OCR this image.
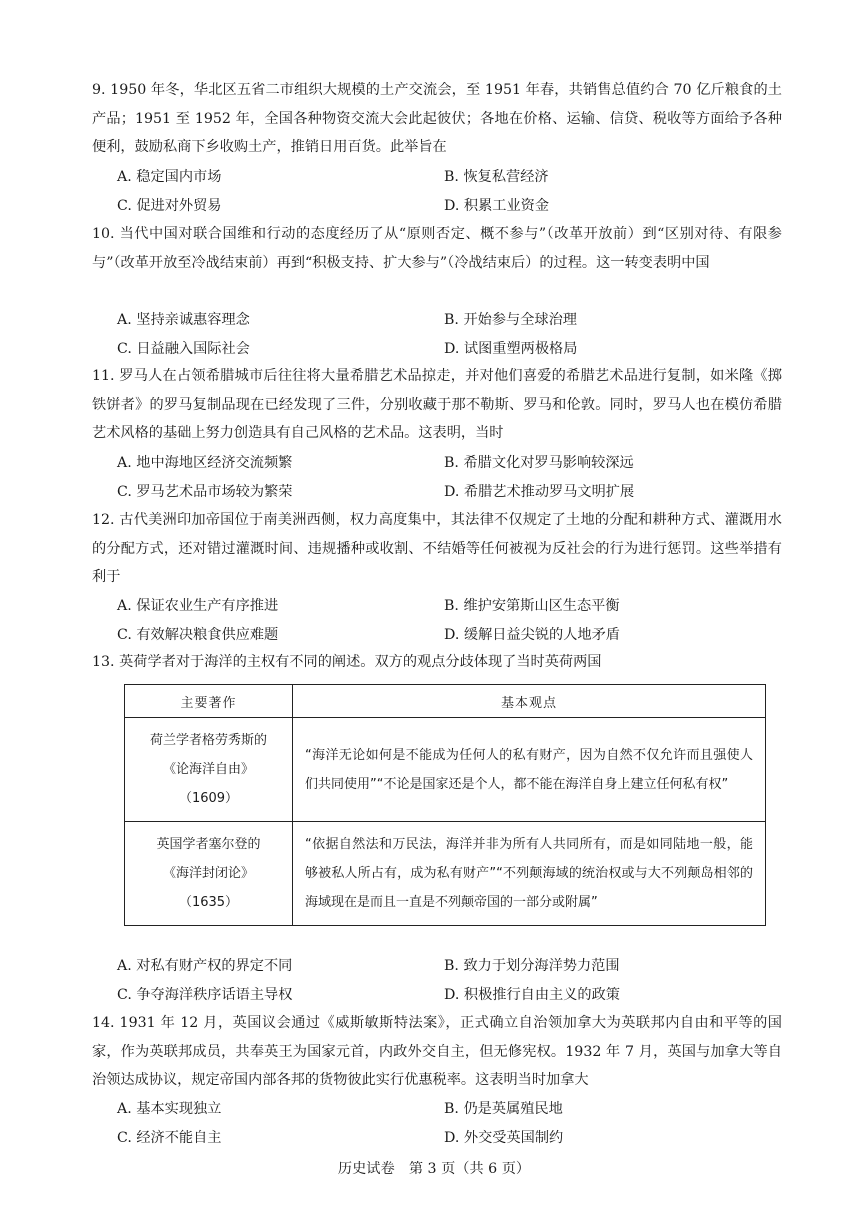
9. 1950 年冬，华北区五省二市组织大规模的土产交流会，至 1951 年春，共销售总值约合 70 亿斤粮食的土产品；1951 至 1952 年，全国各种物资交流大会此起彼伏；各地在价格、运输、信贷、税收等方面给予各种便利，鼓励私商下乡收购土产，推销日用百货。此举旨在
A. 稳定国内市场	B. 恢复私营经济
C. 促进对外贸易	D. 积累工业资金
10. 当代中国对联合国维和行动的态度经历了从“原则否定、概不参与”（改革开放前）到“区别对待、有限参与”（改革开放至冷战结束前）再到“积极支持、扩大参与”（冷战结束后）的过程。这一转变表明中国
A. 坚持亲诚惠容理念	B. 开始参与全球治理
C. 日益融入国际社会	D. 试图重塑两极格局
11. 罗马人在占领希腊城市后往往将大量希腊艺术品掠走，并对他们喜爱的希腊艺术品进行复制，如米隆《掷铁饼者》的罗马复制品现在已经发现了三件，分别收藏于那不勒斯、罗马和伦敦。同时，罗马人也在模仿希腊艺术风格的基础上努力创造具有自己风格的艺术品。这表明，当时
A. 地中海地区经济交流频繁	B. 希腊文化对罗马影响较深远
C. 罗马艺术品市场较为繁荣	D. 希腊艺术推动罗马文明扩展
12. 古代美洲印加帝国位于南美洲西侧，权力高度集中，其法律不仅规定了土地的分配和耕种方式、灌溉用水的分配方式，还对错过灌溉时间、违规播种或收割、不结婚等任何被视为反社会的行为进行惩罚。这些举措有利于
A. 保证农业生产有序推进	B. 维护安第斯山区生态平衡
C. 有效解决粮食供应难题	D. 缓解日益尖锐的人地矛盾
13. 英荷学者对于海洋的主权有不同的阐述。双方的观点分歧体现了当时英荷两国
主要著作	基本观点

荷兰学者格劳秀斯的
《论海洋自由》
（1609）	“海洋无论如何是不能成为任何人的私有财产，因为自然不仅允许而且强使人们共同使用”“不论是国家还是个人，都不能在海洋自身上建立任何私有权”

英国学者塞尔登的
《海洋封闭论》
（1635）	“依据自然法和万民法，海洋并非为所有人共同所有，而是如同陆地一般，能够被私人所占有，成为私有财产”“不列颠海域的统治权或与大不列颠岛相邻的海域现在是而且一直是不列颠帝国的一部分或附属”
A. 对私有财产权的界定不同	B. 致力于划分海洋势力范围
C. 争夺海洋秩序话语主导权	D. 积极推行自由主义的政策
14. 1931 年 12 月，英国议会通过《威斯敏斯特法案》，正式确立自治领加拿大为英联邦内自由和平等的国家，作为英联邦成员，共奉英王为国家元首，内政外交自主，但无修宪权。1932 年 7 月，英国与加拿大等自治领达成协议，规定帝国内部各邦的货物彼此实行优惠税率。这表明当时加拿大
A. 基本实现独立	B. 仍是英属殖民地
C. 经济不能自主	D. 外交受英国制约
历史试卷　第 3 页（共 6 页）
